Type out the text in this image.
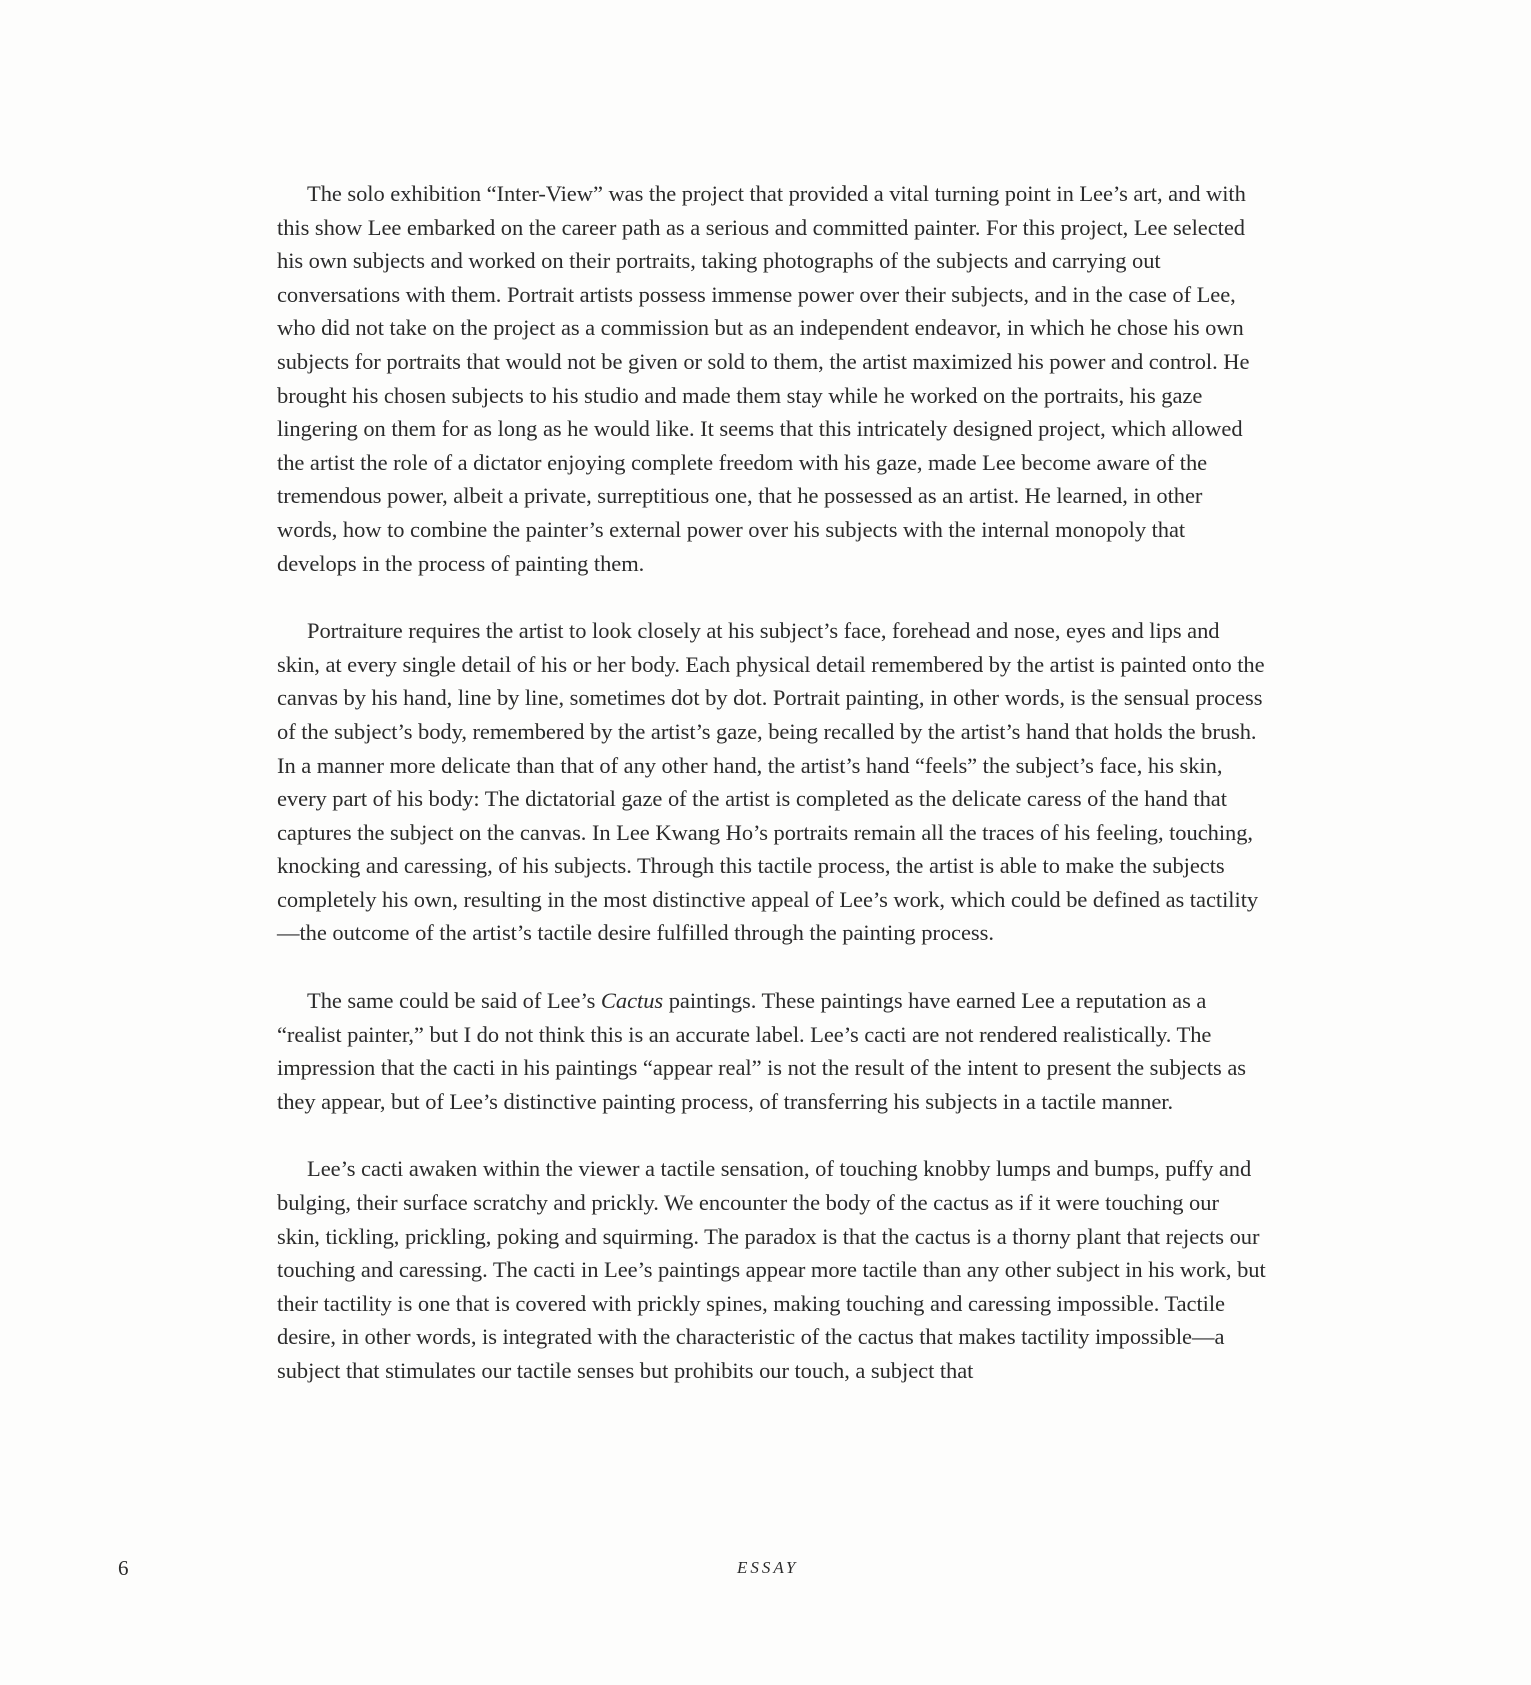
The solo exhibition “Inter-View” was the project that provided a vital turning point in Lee’s art, and with this show Lee embarked on the career path as a serious and committed painter. For this project, Lee selected his own subjects and worked on their portraits, taking photographs of the subjects and carrying out conversations with them. Portrait artists possess immense power over their subjects, and in the case of Lee, who did not take on the project as a commission but as an independent endeavor, in which he chose his own subjects for portraits that would not be given or sold to them, the artist maximized his power and control. He brought his chosen subjects to his studio and made them stay while he worked on the portraits, his gaze lingering on them for as long as he would like. It seems that this intricately designed project, which allowed the artist the role of a dictator enjoying complete freedom with his gaze, made Lee become aware of the tremendous power, albeit a private, surreptitious one, that he possessed as an artist. He learned, in other words, how to combine the painter’s external power over his subjects with the internal monopoly that develops in the process of painting them.

Portraiture requires the artist to look closely at his subject’s face, forehead and nose, eyes and lips and skin, at every single detail of his or her body. Each physical detail remembered by the artist is painted onto the canvas by his hand, line by line, sometimes dot by dot. Portrait painting, in other words, is the sensual process of the subject’s body, remembered by the artist’s gaze, being recalled by the artist’s hand that holds the brush. In a manner more delicate than that of any other hand, the artist’s hand “feels” the subject’s face, his skin, every part of his body: The dictatorial gaze of the artist is completed as the delicate caress of the hand that captures the subject on the canvas. In Lee Kwang Ho’s portraits remain all the traces of his feeling, touching, knocking and caressing, of his subjects. Through this tactile process, the artist is able to make the subjects completely his own, resulting in the most distinctive appeal of Lee’s work, which could be defined as tactility—the outcome of the artist’s tactile desire fulfilled through the painting process.

The same could be said of Lee’s Cactus paintings. These paintings have earned Lee a reputation as a “realist painter,” but I do not think this is an accurate label. Lee’s cacti are not rendered realistically. The impression that the cacti in his paintings “appear real” is not the result of the intent to present the subjects as they appear, but of Lee’s distinctive painting process, of transferring his subjects in a tactile manner.

Lee’s cacti awaken within the viewer a tactile sensation, of touching knobby lumps and bumps, puffy and bulging, their surface scratchy and prickly. We encounter the body of the cactus as if it were touching our skin, tickling, prickling, poking and squirming. The paradox is that the cactus is a thorny plant that rejects our touching and caressing. The cacti in Lee’s paintings appear more tactile than any other subject in his work, but their tactility is one that is covered with prickly spines, making touching and caressing impossible. Tactile desire, in other words, is integrated with the characteristic of the cactus that makes tactility impossible—a subject that stimulates our tactile senses but prohibits our touch, a subject that

6	ESSAY
